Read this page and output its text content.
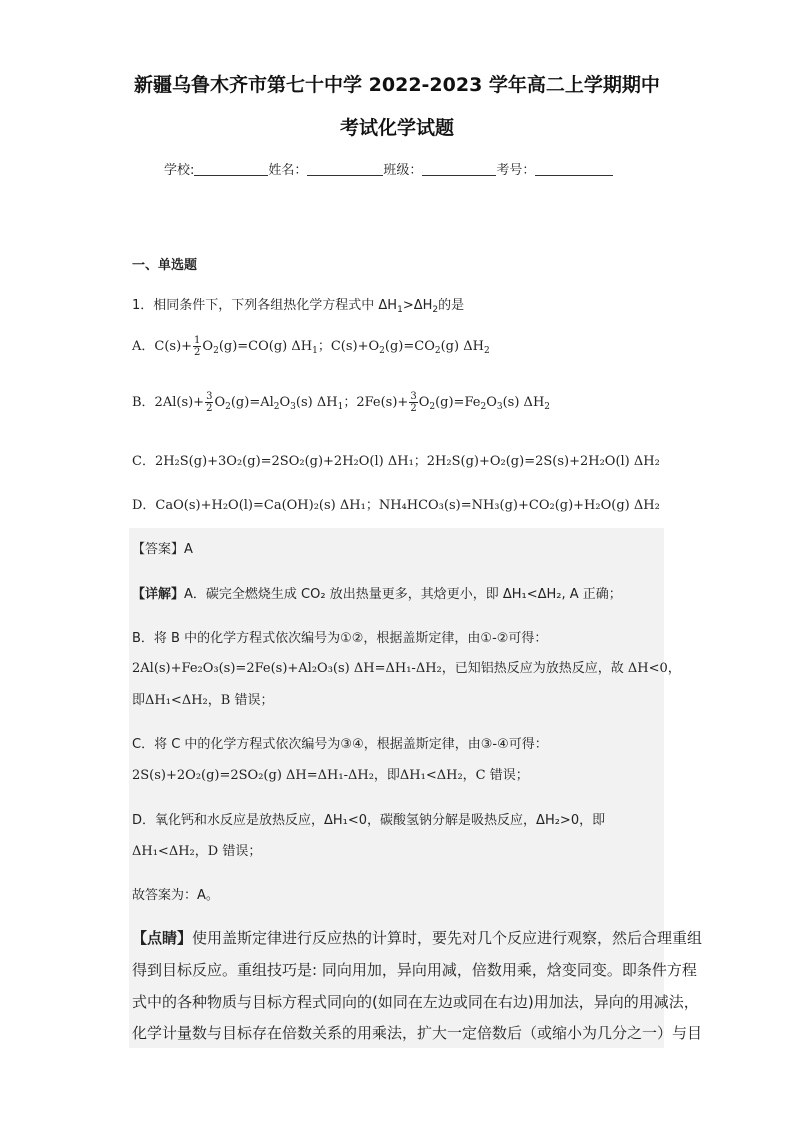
新疆乌鲁木齐市第七十中学 2022-2023 学年高二上学期期中
考试化学试题
学校:	姓名：	班级：	考号：
一、单选题
1．相同条件下，下列各组热化学方程式中 $\Delta H_1>\Delta H_2$的是
A．$C(s)+ \frac{1}{2} O_2(g)=CO(g)$ $\Delta H_1$；$C(s)+O_2(g)=CO_2(g)$ $\Delta H_2$
B．$2Al(s)+ \frac{3}{2} O_2(g)=Al_2O_3(s)$ $\Delta H_1$；$2Fe(s)+ \frac{3}{2} O_2(g)=Fe_2O_3(s)$ $\Delta H_2$
C．2H₂S(g)+3O₂(g)=2SO₂(g)+2H₂O(l) ΔH₁；2H₂S(g)+O₂(g)=2S(s)+2H₂O(l) ΔH₂
D．CaO(s)+H₂O(l)=Ca(OH)₂(s) ΔH₁；NH₄HCO₃(s)=NH₃(g)+CO₂(g)+H₂O(g) ΔH₂
【答案】A
【详解】A．碳完全燃烧生成 CO₂ 放出热量更多，其焓更小，即 ΔH₁<ΔH₂, A 正确；
B．将 B 中的化学方程式依次编号为①②，根据盖斯定律，由①-②可得：
2Al(s)+Fe₂O₃(s)=2Fe(s)+Al₂O₃(s) ΔH=ΔH₁-ΔH₂，已知铝热反应为放热反应，故 ΔH<0，
即ΔH₁<ΔH₂，B 错误；
C．将 C 中的化学方程式依次编号为③④，根据盖斯定律，由③-④可得：
2S(s)+2O₂(g)=2SO₂(g) ΔH=ΔH₁-ΔH₂，即ΔH₁<ΔH₂，C 错误；
D．氧化钙和水反应是放热反应，ΔH₁<0，碳酸氢钠分解是吸热反应，ΔH₂>0，即
ΔH₁<ΔH₂，D 错误；
故答案为：A。
【点睛】使用盖斯定律进行反应热的计算时，要先对几个反应进行观察，然后合理重组
得到目标反应。重组技巧是: 同向用加，异向用减，倍数用乘，焓变同变。即条件方程
式中的各种物质与目标方程式同向的(如同在左边或同在右边)用加法，异向的用减法，
化学计量数与目标存在倍数关系的用乘法，扩大一定倍数后（或缩小为几分之一）与目
